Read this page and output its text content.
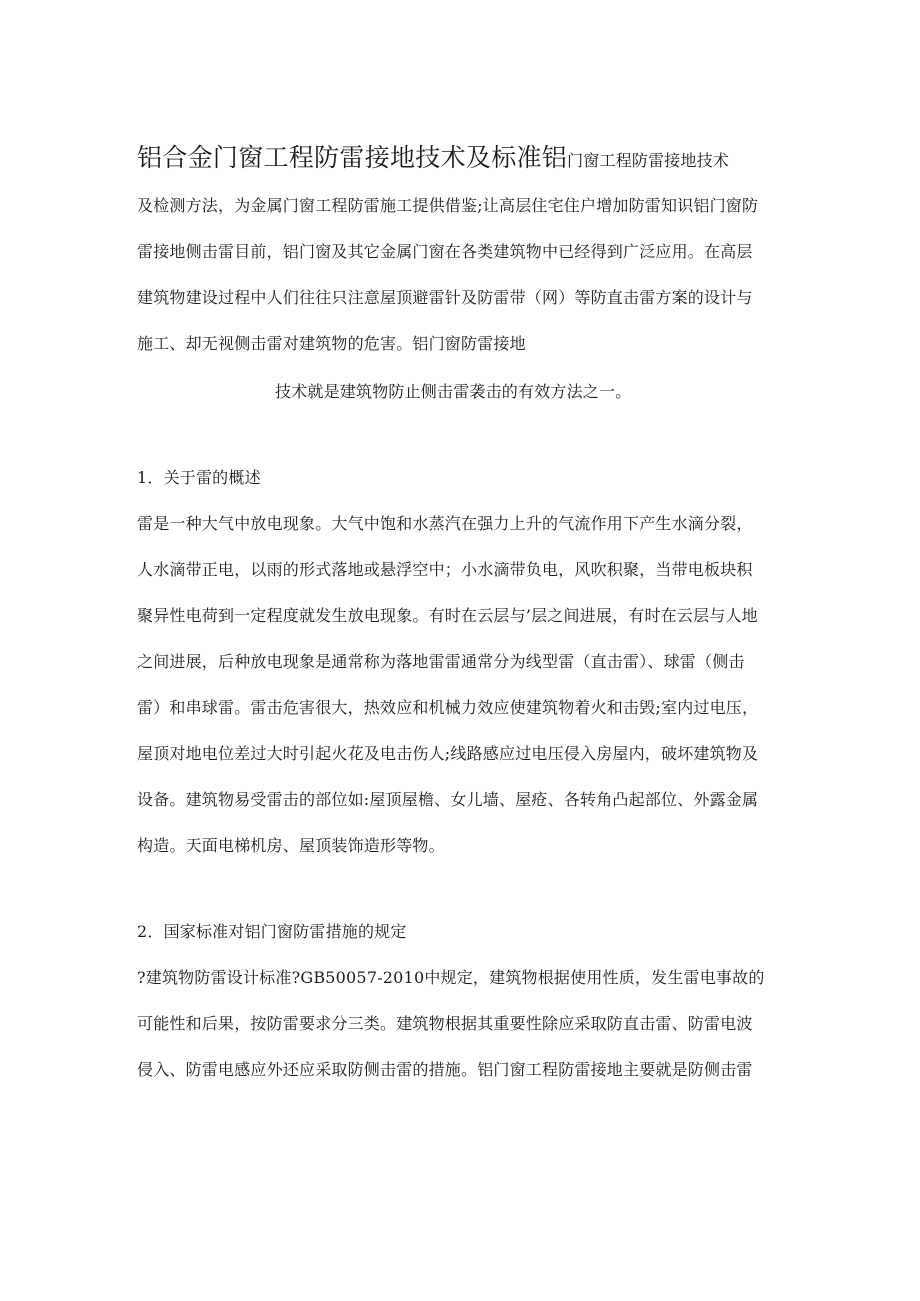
铝合金门窗工程防雷接地技术及标准铝门窗工程防雷接地技术
及检测方法，为金属门窗工程防雷施工提供借鉴;让高层住宅住户增加防雷知识铝门窗防
雷接地侧击雷目前，铝门窗及其它金属门窗在各类建筑物中已经得到广泛应用。在高层
建筑物建设过程中人们往往只注意屋顶避雷针及防雷带（网）等防直击雷方案的设计与
施工、却无视侧击雷对建筑物的危害。铝门窗防雷接地
技术就是建筑物防止侧击雷袭击的有效方法之一。
1．关于雷的概述
雷是一种大气中放电现象。大气中饱和水蒸汽在强力上升的气流作用下产生水滴分裂，
人水滴带正电，以雨的形式落地或悬浮空中；小水滴带负电，风吹积聚，当带电板块积
聚异性电荷到一定程度就发生放电现象。有时在云层与’层之间进展，有时在云层与人地
之间进展，后种放电现象是通常称为落地雷雷通常分为线型雷（直击雷）、球雷（侧击
雷）和串球雷。雷击危害很大，热效应和机械力效应使建筑物着火和击毁;室内过电压，
屋顶对地电位差过大时引起火花及电击伤人;线路感应过电压侵入房屋内，破坏建筑物及
设备。建筑物易受雷击的部位如:屋顶屋檐、女儿墙、屋疮、各转角凸起部位、外露金属
构造。天面电梯机房、屋顶装饰造形等物。
2．国家标准对铝门窗防雷措施的规定
?建筑物防雷设计标准?GB50057-2010中规定，建筑物根据使用性质，发生雷电事故的
可能性和后果，按防雷要求分三类。建筑物根据其重要性除应采取防直击雷、防雷电波
侵入、防雷电感应外还应采取防侧击雷的措施。铝门窗工程防雷接地主要就是防侧击雷
